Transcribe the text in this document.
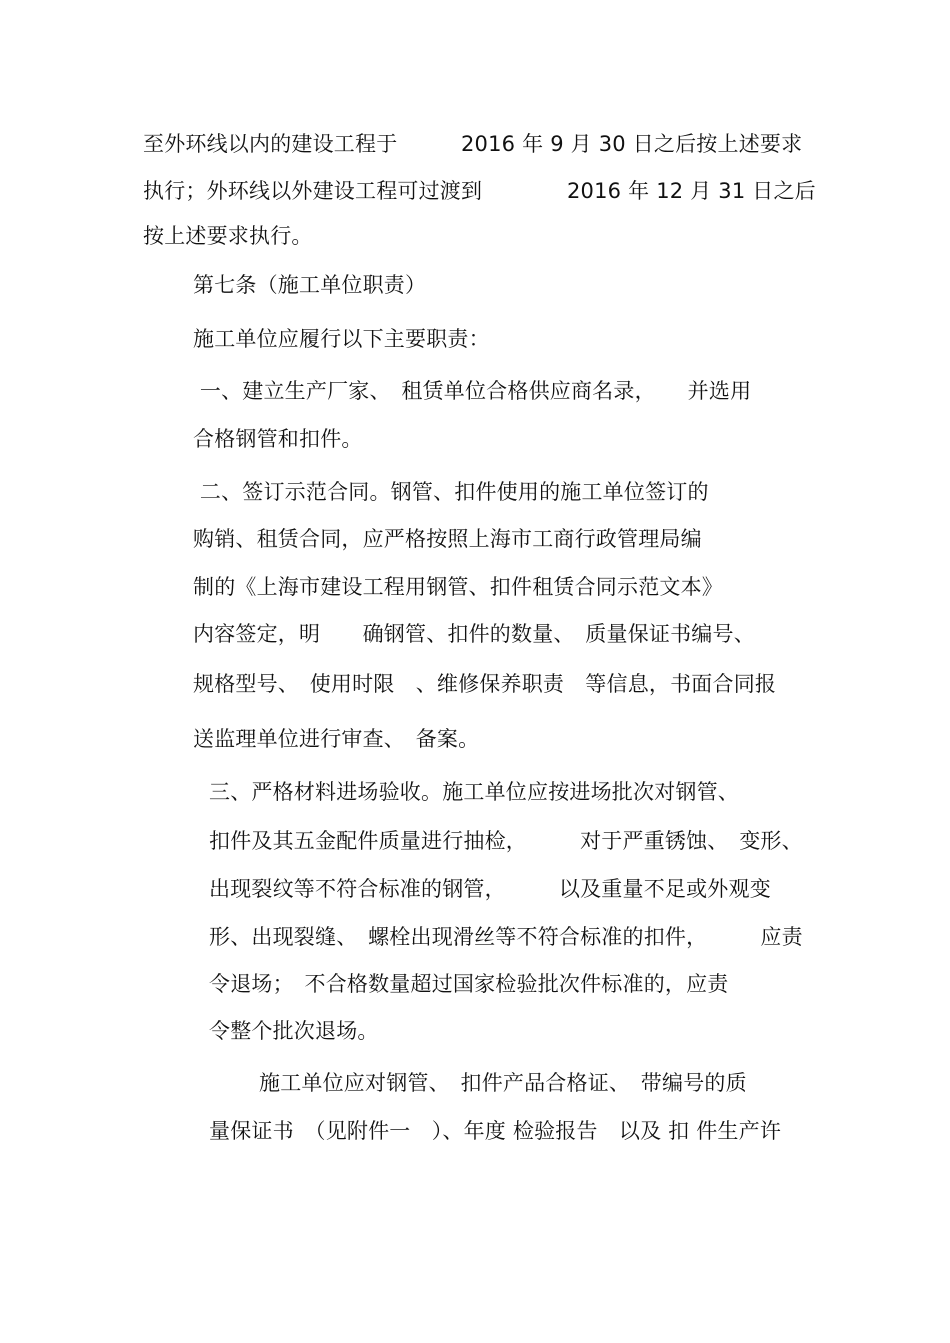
至外环线以内的建设工程于　　　2016 年 9 月 30 日之后按上述要求
执行；外环线以外建设工程可过渡到　　　　2016 年 12 月 31 日之后
按上述要求执行。
第七条（施工单位职责）
施工单位应履行以下主要职责：
一、建立生产厂家、　租赁单位合格供应商名录，　　并选用
合格钢管和扣件。
二、签订示范合同。钢管、扣件使用的施工单位签订的
购销、租赁合同，应严格按照上海市工商行政管理局编
制的《上海市建设工程用钢管、扣件租赁合同示范文本》
内容签定，明　　确钢管、扣件的数量、　质量保证书编号、
规格型号、　使用时限　、维修保养职责　等信息，书面合同报
送监理单位进行审查、　备案。
三、严格材料进场验收。施工单位应按进场批次对钢管、
扣件及其五金配件质量进行抽检，　　　对于严重锈蚀、　变形、
出现裂纹等不符合标准的钢管，　　　以及重量不足或外观变
形、出现裂缝、　螺栓出现滑丝等不符合标准的扣件，　　　应责
令退场；　不合格数量超过国家检验批次件标准的，应责
令整个批次退场。
施工单位应对钢管、　扣件产品合格证、　带编号的质
量保证书　（见附件一　）、年度 检验报告　以及 扣 件生产许
